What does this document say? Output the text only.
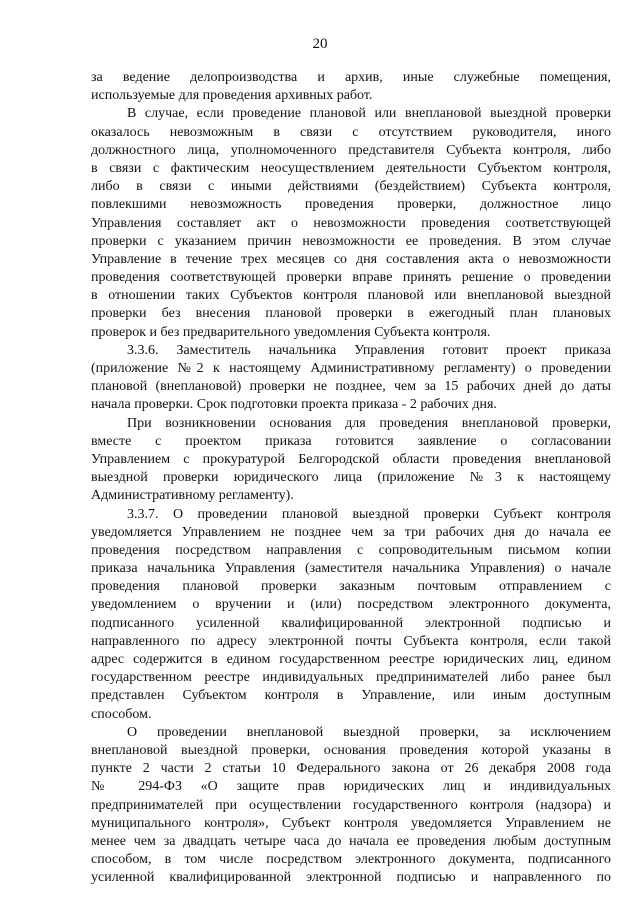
20
за ведение делопроизводства и архив, иные служебные помещения,
используемые для проведения архивных работ.
В случае, если проведение плановой или внеплановой выездной проверки
оказалось невозможным в связи с отсутствием руководителя, иного
должностного лица, уполномоченного представителя Субъекта контроля, либо
в связи с фактическим неосуществлением деятельности Субъектом контроля,
либо в связи с иными действиями (бездействием) Субъекта контроля,
повлекшими невозможность проведения проверки, должностное лицо
Управления составляет акт о невозможности проведения соответствующей
проверки с указанием причин невозможности ее проведения. В этом случае
Управление в течение трех месяцев со дня составления акта о невозможности
проведения соответствующей проверки вправе принять решение о проведении
в отношении таких Субъектов контроля плановой или внеплановой выездной
проверки без внесения плановой проверки в ежегодный план плановых
проверок и без предварительного уведомления Субъекта контроля.
3.3.6. Заместитель начальника Управления готовит проект приказа
(приложение №2 к настоящему Административному регламенту) о проведении
плановой (внеплановой) проверки не позднее, чем за 15 рабочих дней до даты
начала проверки. Срок подготовки проекта приказа - 2 рабочих дня.
При возникновении основания для проведения внеплановой проверки,
вместе с проектом приказа готовится заявление о согласовании
Управлением с прокуратурой Белгородской области проведения внеплановой
выездной проверки юридического лица (приложение №3 к настоящему
Административному регламенту).
3.3.7. О проведении плановой выездной проверки Субъект контроля
уведомляется Управлением не позднее чем за три рабочих дня до начала ее
проведения посредством направления с сопроводительным письмом копии
приказа начальника Управления (заместителя начальника Управления) о начале
проведения плановой проверки заказным почтовым отправлением с
уведомлением о вручении и (или) посредством электронного документа,
подписанного усиленной квалифицированной электронной подписью и
направленного по адресу электронной почты Субъекта контроля, если такой
адрес содержится в едином государственном реестре юридических лиц, едином
государственном реестре индивидуальных предпринимателей либо ранее был
представлен Субъектом контроля в Управление, или иным доступным
способом.
О проведении внеплановой выездной проверки, за исключением
внеплановой выездной проверки, основания проведения которой указаны в
пункте 2 части 2 статьи 10 Федерального закона от 26 декабря 2008 года
№ 294-ФЗ «О защите прав юридических лиц и индивидуальных
предпринимателей при осуществлении государственного контроля (надзора) и
муниципального контроля», Субъект контроля уведомляется Управлением не
менее чем за двадцать четыре часа до начала ее проведения любым доступным
способом, в том числе посредством электронного документа, подписанного
усиленной квалифицированной электронной подписью и направленного по
